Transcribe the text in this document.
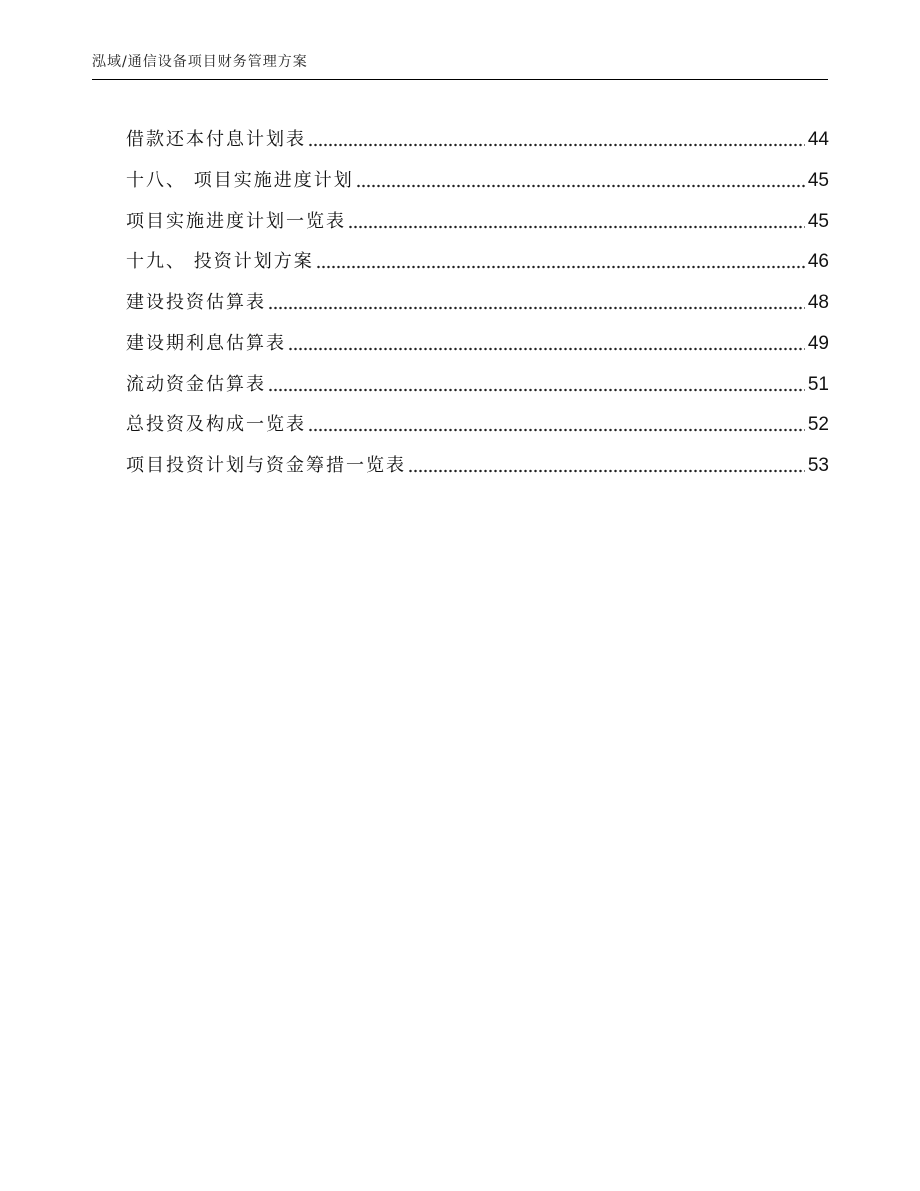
泓域/通信设备项目财务管理方案
借款还本付息计划表	44
十八、 项目实施进度计划	45
项目实施进度计划一览表	45
十九、 投资计划方案	46
建设投资估算表	48
建设期利息估算表	49
流动资金估算表	51
总投资及构成一览表	52
项目投资计划与资金筹措一览表	53
